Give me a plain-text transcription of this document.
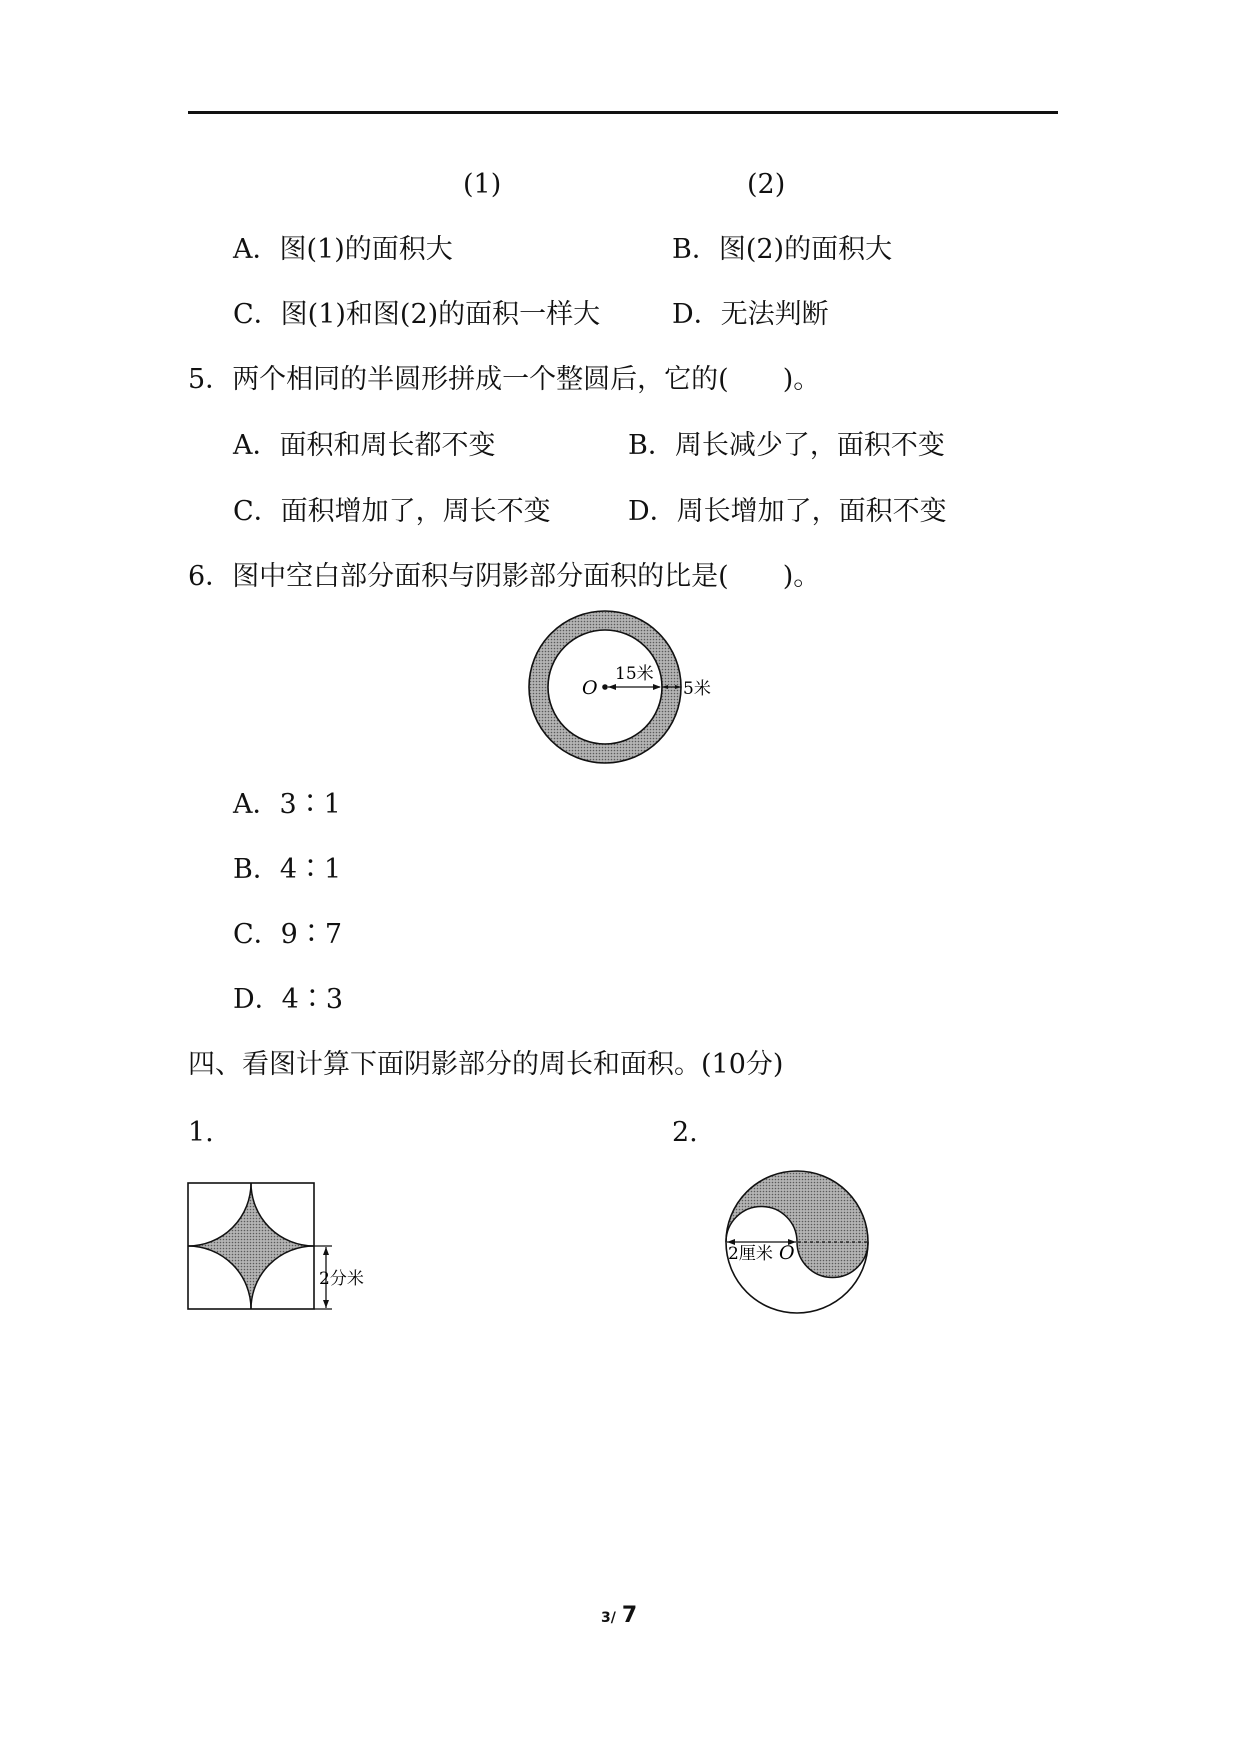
(1)	(2)
A．图(1)的面积大	B．图(2)的面积大
C．图(1)和图(2)的面积一样大	D．无法判断
5．两个相同的半圆形拼成一个整圆后，它的(　　)。
A．面积和周长都不变	B．周长减少了，面积不变
C．面积增加了，周长不变	D．周长增加了，面积不变
6．图中空白部分面积与阴影部分面积的比是(　　)。
O
15米
5米
A．3∶1
B．4∶1
C．9∶7
D．4∶3
四、看图计算下面阴影部分的周长和面积。(10分)
1.	2.
2分米
2厘米 O
3/ 7
